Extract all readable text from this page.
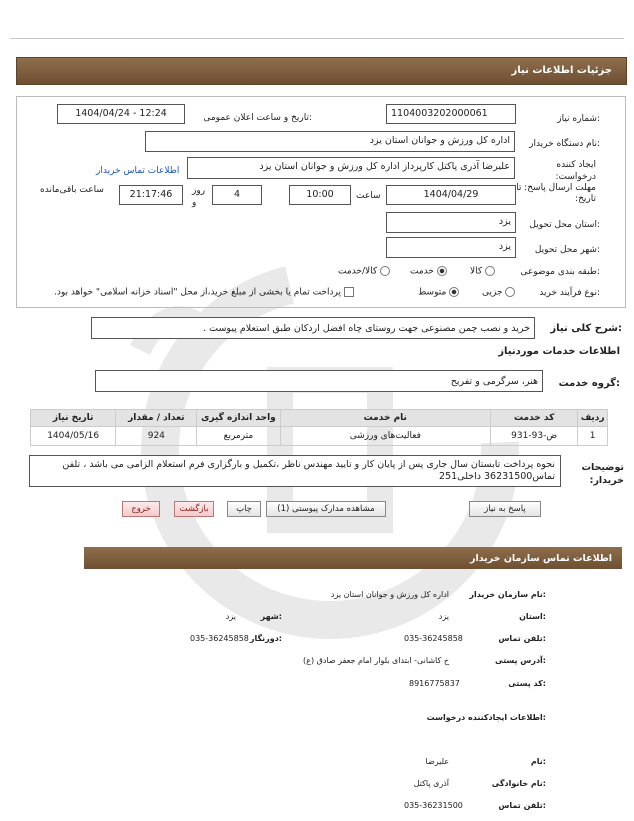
جزئیات اطلاعات نیاز
شماره نیاز:
1104003202000061
تاریخ و ساعت اعلان عمومی:
1404/04/24 - 12:24
نام دستگاه خریدار:
اداره کل ورزش و جوانان استان یزد
ایجاد کننده درخواست:
علیرضا آذری پاکتل کارپرداز اداره کل ورزش و جوانان استان یزد
اطلاعات تماس خریدار
مهلت ارسال پاسخ: تا تاریخ:
1404/04/29
ساعت
10:00
4
روز و
21:17:46
ساعت باقی‌مانده
استان محل تحویل:
یزد
شهر محل تحویل:
یزد
طبقه بندی موضوعی:
کالا
خدمت
کالا/خدمت
نوع فرآیند خرید:
جزیی
متوسط
پرداخت تمام یا بخشی از مبلغ خرید،از محل "اسناد خزانه اسلامی" خواهد بود.
شرح کلی نیاز:
خرید و نصب چمن مصنوعی جهت روستای چاه افضل اردکان طبق استعلام پیوست .
اطلاعات خدمات موردنیاز
گروه خدمت:
هنر، سرگرمی و تفریح
ردیف	کد خدمت	نام خدمت	واحد اندازه گیری	تعداد / مقدار	تاریخ نیاز
1	ض-93-931	فعالیت‌های ورزشی	مترمربع	924	1404/05/16
توضیحات خریدار:
نحوه پرداخت تابستان سال جاری پس از پایان کار و تایید مهندس ناظر ،تکمیل و بارگزاری فرم استعلام الزامی می باشد ، تلفن تماس36231500 داخلی251
پاسخ به نیاز
مشاهده مدارک پیوستی (1)
چاپ
بازگشت
خروج
اطلاعات تماس سازمان خریدار
نام سازمان خریدار:
اداره کل ورزش و جوانان استان یزد
استان:
یزد
شهر:
یزد
تلفن تماس:
035-36245858
دورنگار:
035-36245858
آدرس پستی:
خ کاشانی- ابتدای بلوار امام جعفر صادق (ع)
کد پستی:
8916775837
اطلاعات ایجادکننده درخواست:
نام:
علیرضا
نام خانوادگی:
آذری پاکتل
تلفن تماس:
035-36231500
